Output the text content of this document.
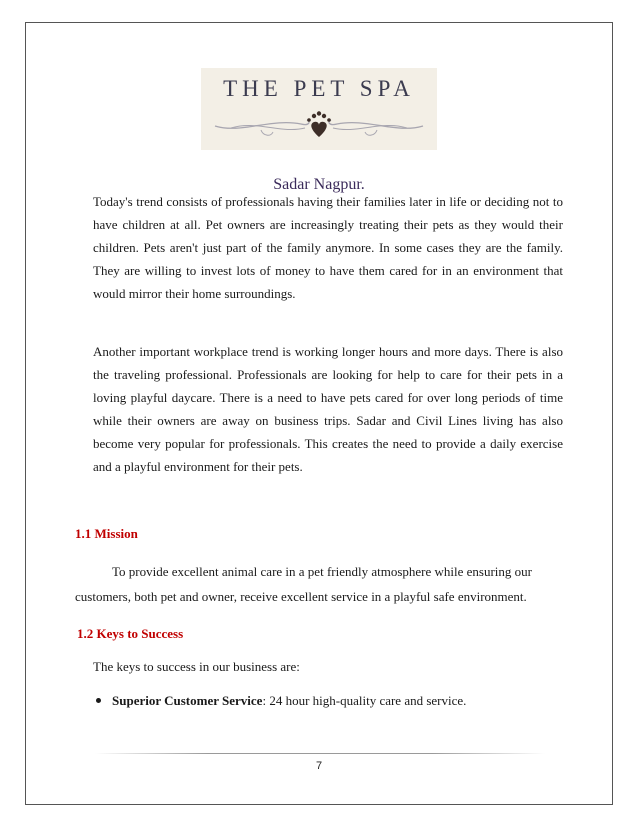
THE PET SPA
Sadar Nagpur.

Today's trend consists of professionals having their families later in life or deciding not to have children at all. Pet owners are increasingly treating their pets as they would their children. Pets aren't just part of the family anymore. In some cases they are the family. They are willing to invest lots of money to have them cared for in an environment that would mirror their home surroundings.

Another important workplace trend is working longer hours and more days. There is also the traveling professional. Professionals are looking for help to care for their pets in a loving playful daycare. There is a need to have pets cared for over long periods of time while their owners are away on business trips. Sadar and Civil Lines living has also become very popular for professionals. This creates the need to provide a daily exercise and a playful environment for their pets.

1.1 Mission

To provide excellent animal care in a pet friendly atmosphere while ensuring our
customers, both pet and owner, receive excellent service in a playful safe environment.

1.2 Keys to Success

The keys to success in our business are:

Superior Customer Service: 24 hour high-quality care and service.
7
